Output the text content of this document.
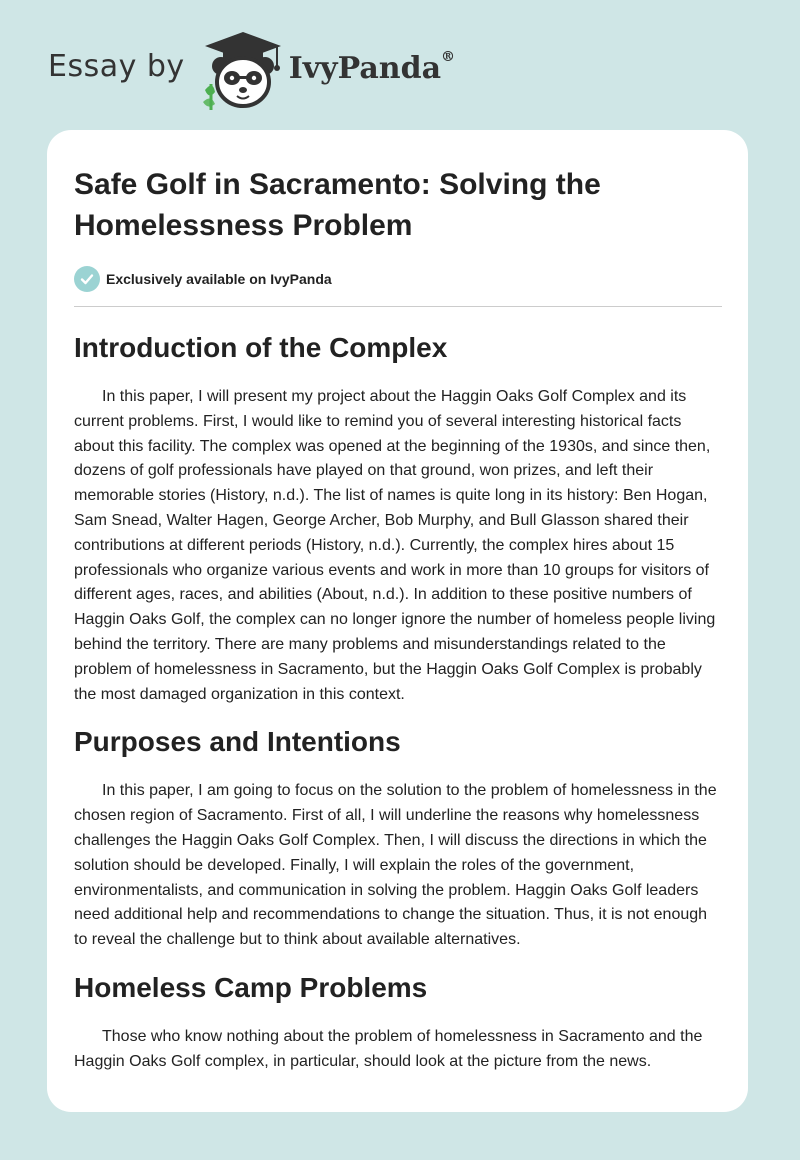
Essay by	IvyPanda®
Safe Golf in Sacramento: Solving the Homelessness Problem
Exclusively available on IvyPanda
Introduction of the Complex

In this paper, I will present my project about the Haggin Oaks Golf Complex and its current problems. First, I would like to remind you of several interesting historical facts about this facility. The complex was opened at the beginning of the 1930s, and since then, dozens of golf professionals have played on that ground, won prizes, and left their memorable stories (History, n.d.). The list of names is quite long in its history: Ben Hogan, Sam Snead, Walter Hagen, George Archer, Bob Murphy, and Bull Glasson shared their contributions at different periods (History, n.d.). Currently, the complex hires about 15 professionals who organize various events and work in more than 10 groups for visitors of different ages, races, and abilities (About, n.d.). In addition to these positive numbers of Haggin Oaks Golf, the complex can no longer ignore the number of homeless people living behind the territory. There are many problems and misunderstandings related to the problem of homelessness in Sacramento, but the Haggin Oaks Golf Complex is probably the most damaged organization in this context.

Purposes and Intentions

In this paper, I am going to focus on the solution to the problem of homelessness in the chosen region of Sacramento. First of all, I will underline the reasons why homelessness challenges the Haggin Oaks Golf Complex. Then, I will discuss the directions in which the solution should be developed. Finally, I will explain the roles of the government, environmentalists, and communication in solving the problem. Haggin Oaks Golf leaders need additional help and recommendations to change the situation. Thus, it is not enough to reveal the challenge but to think about available alternatives.

Homeless Camp Problems

Those who know nothing about the problem of homelessness in Sacramento and the Haggin Oaks Golf complex, in particular, should look at the picture from the news.
